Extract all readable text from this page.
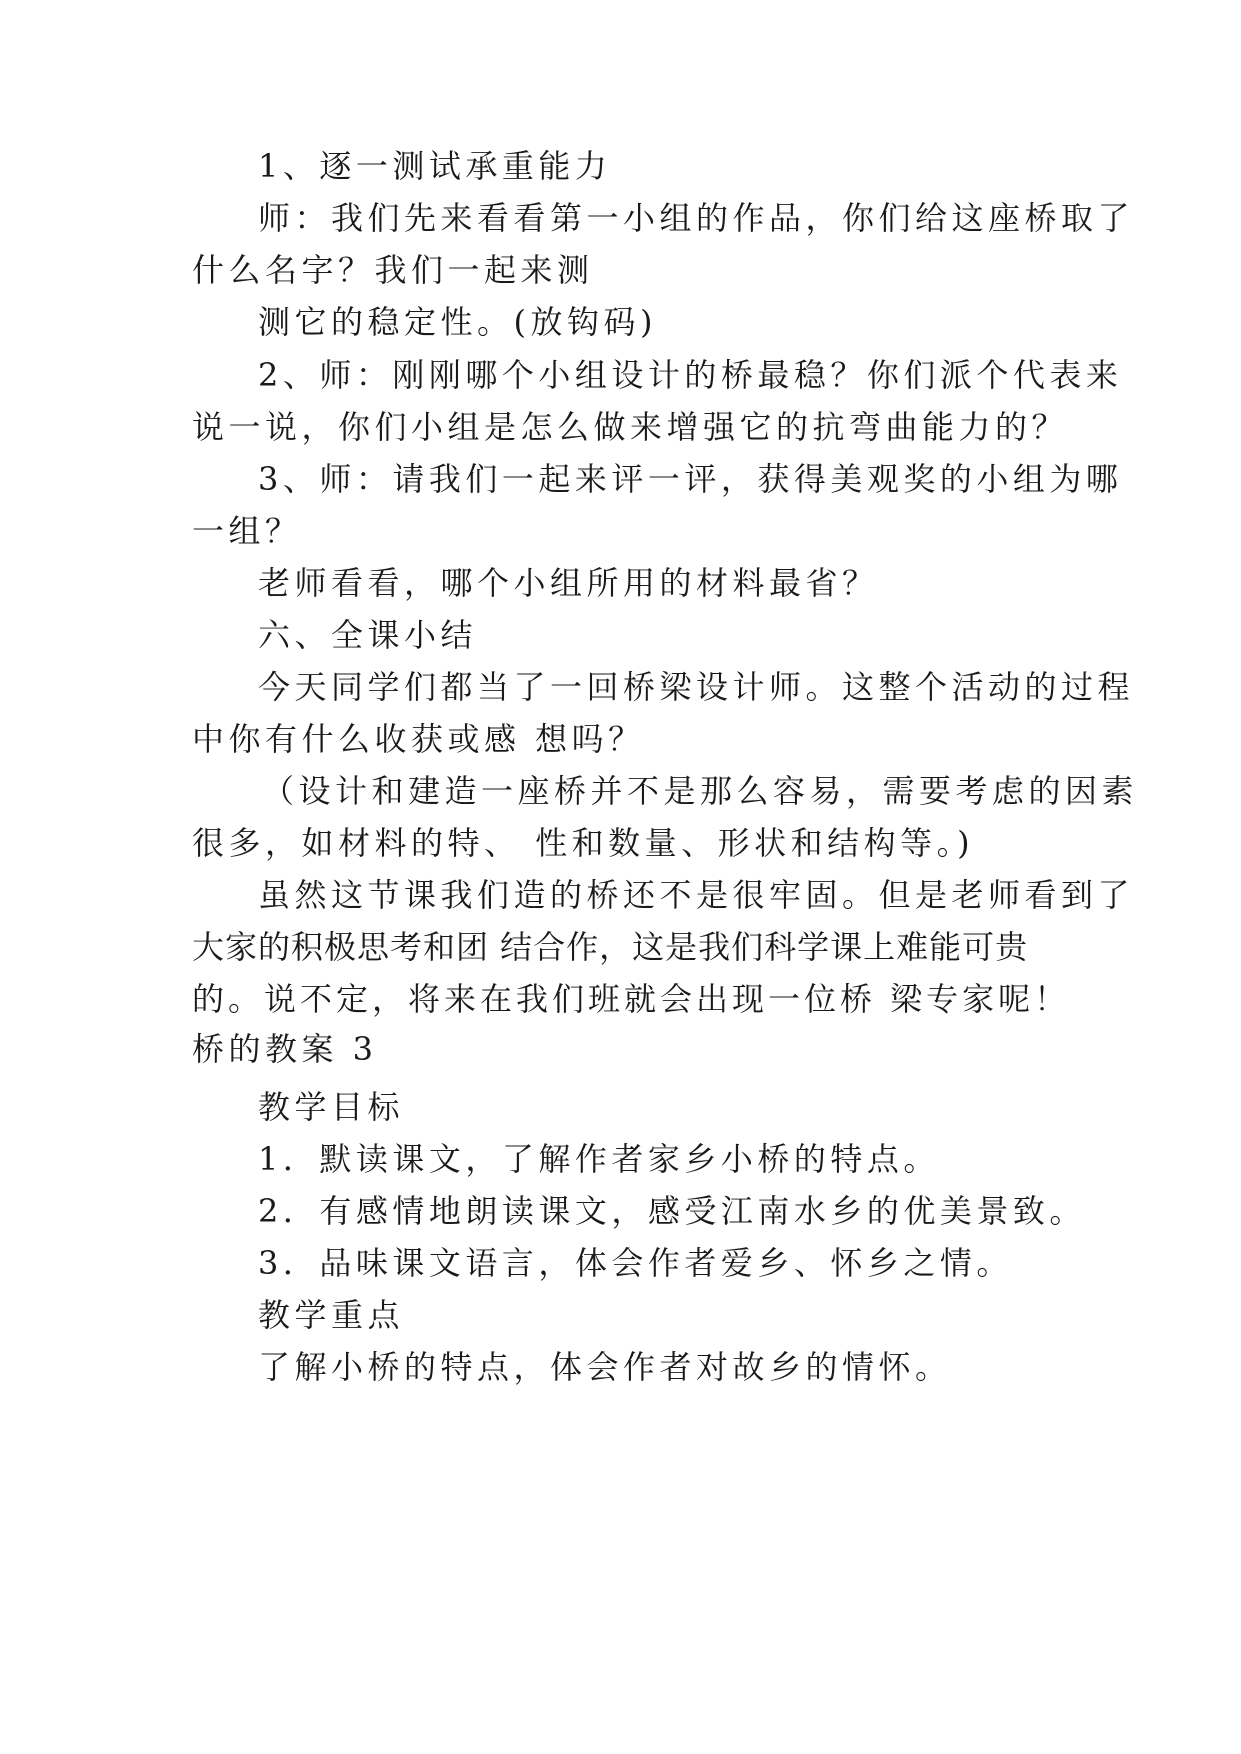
1、逐一测试承重能力
师：我们先来看看第一小组的作品，你们给这座桥取了
什么名字？我们一起来测
测它的稳定性。(放钩码)
2、师：刚刚哪个小组设计的桥最稳？你们派个代表来
说一说，你们小组是怎么做来增强它的抗弯曲能力的？
3、师：请我们一起来评一评，获得美观奖的小组为哪
一组？
老师看看，哪个小组所用的材料最省？
六、全课小结
今天同学们都当了一回桥梁设计师。这整个活动的过程
中你有什么收获或感 想吗？
（设计和建造一座桥并不是那么容易，需要考虑的因素
很多，如材料的特、 性和数量、形状和结构等。)
虽然这节课我们造的桥还不是很牢固。但是老师看到了
大家的积极思考和团 结合作，这是我们科学课上难能可贵
的。说不定，将来在我们班就会出现一位桥 梁专家呢！
桥的教案 3
教学目标
1．默读课文，了解作者家乡小桥的特点。
2．有感情地朗读课文，感受江南水乡的优美景致。
3．品味课文语言，体会作者爱乡、怀乡之情。
教学重点
了解小桥的特点，体会作者对故乡的情怀。
